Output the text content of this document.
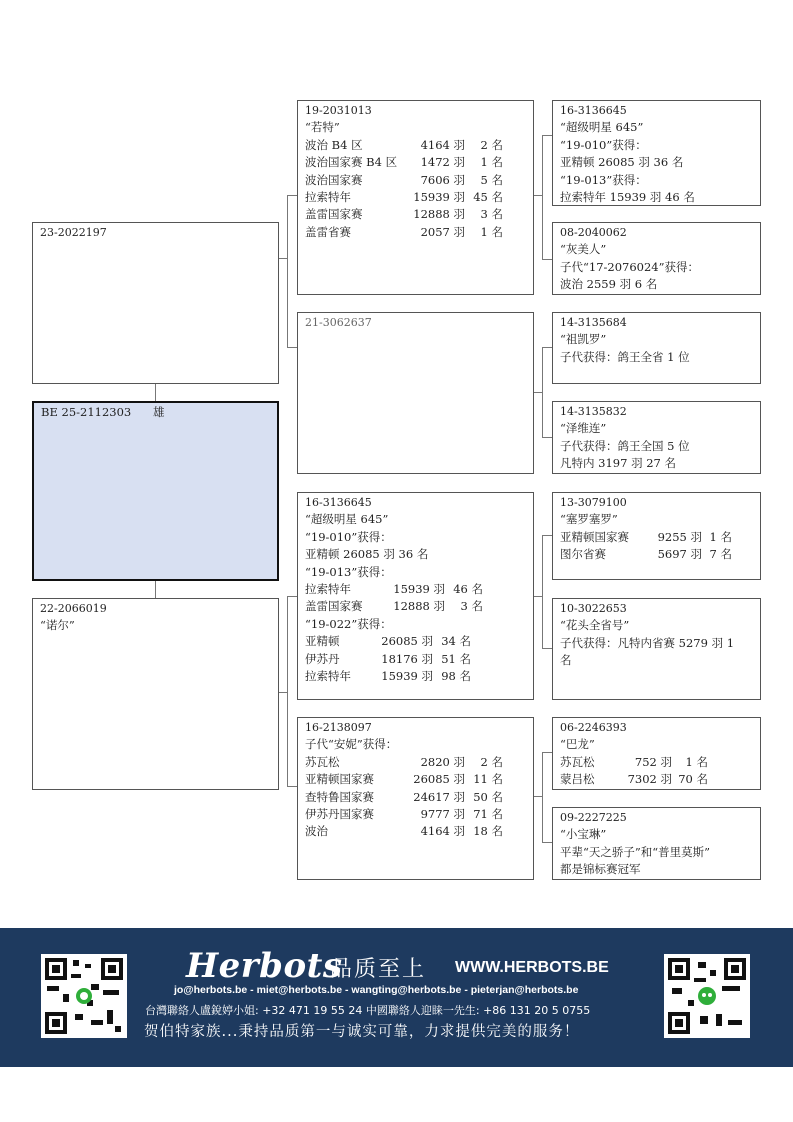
23-2022197
BE 25-2112303	雄
22-2066019
“诺尔”
19-2031013
“若特”
波治 B4 区	4164 羽	2 名
波治国家赛 B4 区	1472 羽	1 名
波治国家赛	7606 羽	5 名
拉索特年	15939 羽 45 名
盖雷国家赛	12888 羽	3 名
盖雷省赛	2057 羽	1 名
21-3062637
16-3136645
“超级明星 645”
“19-010”获得：
亚精顿 26085 羽 36 名
“19-013”获得：
拉索特年	15939 羽 46 名
盖雷国家赛	12888 羽	3 名
“19-022”获得：
亚精顿	26085 羽 34 名
伊苏丹	18176 羽 51 名
拉索特年	15939 羽 98 名
16-2138097
子代“安妮”获得：
苏瓦松	2820 羽	2 名
亚精顿国家赛	26085 羽 11 名
查特鲁国家赛	24617 羽 50 名
伊苏丹国家赛	9777 羽 71 名
波治	4164 羽 18 名
16-3136645
“超级明星 645”
“19-010”获得：
亚精顿 26085 羽 36 名
“19-013”获得：
拉索特年 15939 羽 46 名
08-2040062
“灰美人”
子代“17-2076024”获得：
波治 2559 羽 6 名
14-3135684
“祖凯罗”
子代获得：鸽王全省 1 位
14-3135832
“泽维连”
子代获得：鸽王全国 5 位
凡特内 3197 羽 27 名
13-3079100
“塞罗塞罗”
亚精顿国家赛	9255 羽 1 名
图尔省赛	5697 羽 7 名
10-3022653
“花头全省号”
子代获得：凡特内省赛 5279 羽 1
名
06-2246393
“巴龙”
苏瓦松	752 羽	1 名
蒙吕松	7302 羽 70 名
09-2227225
“小宝琳”
平辈“天之骄子”和“普里莫斯”
都是锦标赛冠军
Herbots
品质至上 WWW.HERBOTS.BE
jo@herbots.be - miet@herbots.be - wangting@herbots.be - pieterjan@herbots.be
台灣聯絡人盧銳婷小姐: +32 471 19 55 24 中國聯絡人迎睐一先生: +86 131 20 5 0755
贺伯特家族...秉持品质第一与诚实可靠，力求提供完美的服务！
